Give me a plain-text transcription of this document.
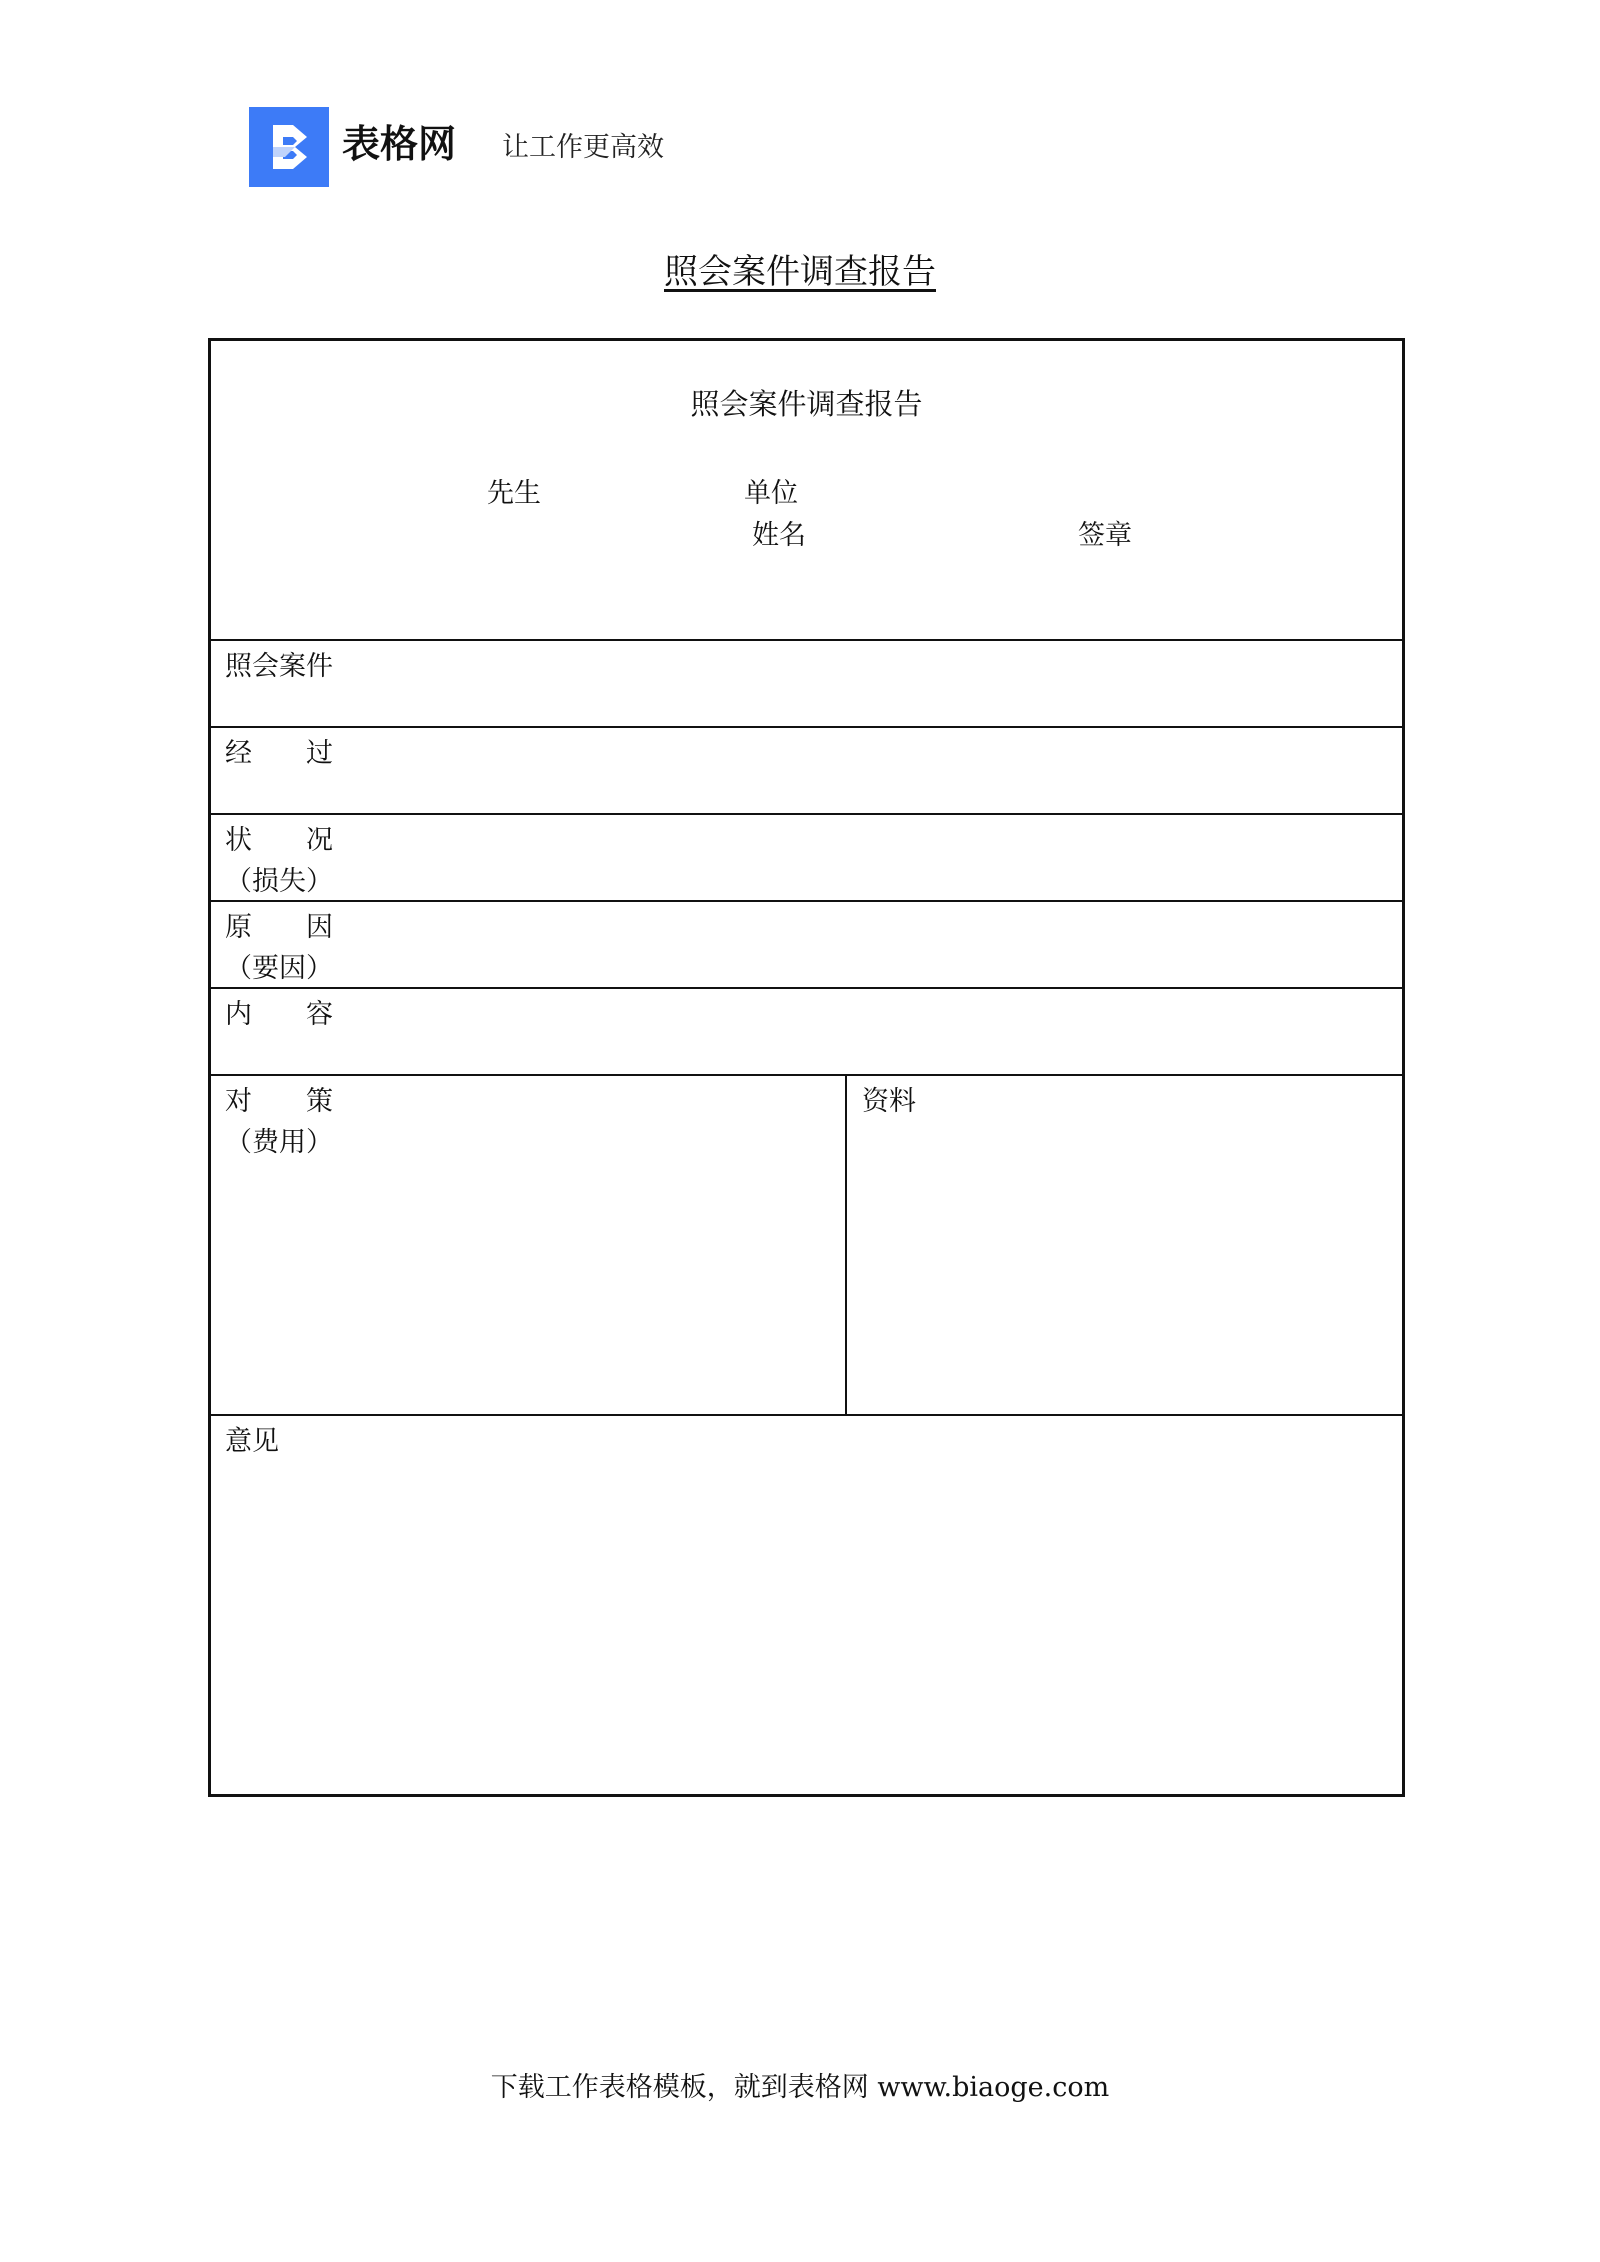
表格网 让工作更高效
照会案件调查报告
照会案件调查报告
先生	单位
姓名	签章
照会案件
经　　过
状　　况
（损失）
原　　因
（要因）
内　　容
对　　策
（费用）
资料
意见
下载工作表格模板，就到表格网 www.biaoge.com
